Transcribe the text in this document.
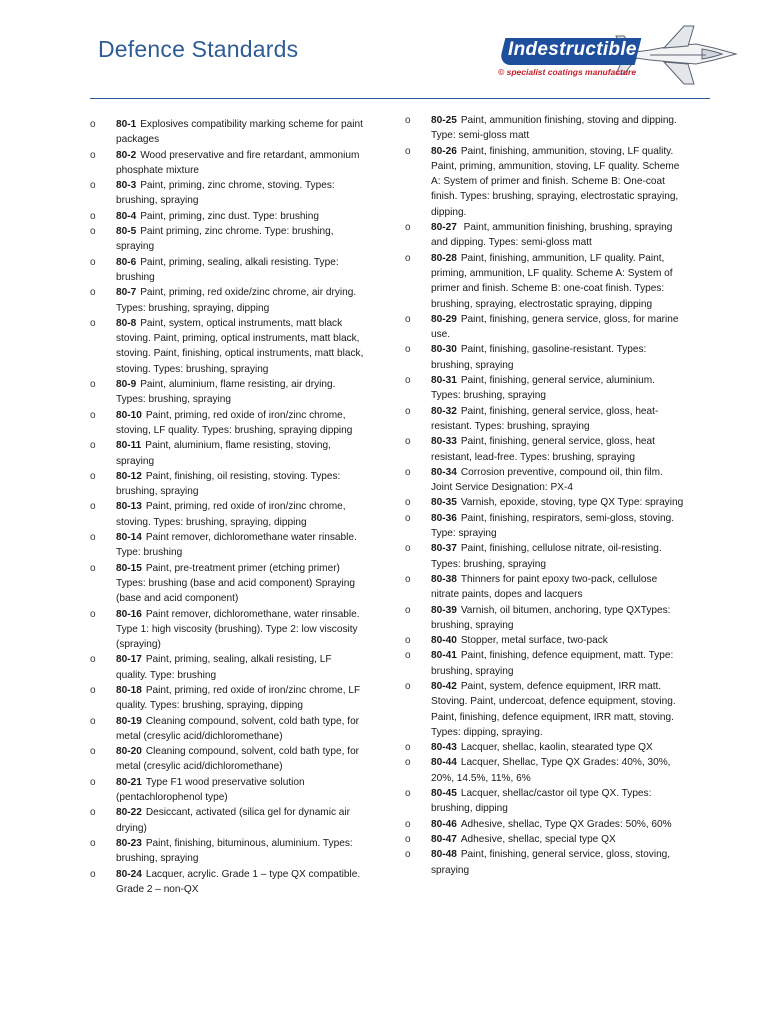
Defence Standards	Indestructible
© specialist coatings manufacture
o 80-1 Explosives compatibility marking scheme for paint packages
o 80-2 Wood preservative and fire retardant, ammonium phosphate mixture
o 80-3 Paint, priming, zinc chrome, stoving. Types: brushing, spraying
o 80-4 Paint, priming, zinc dust. Type: brushing
o 80-5 Paint priming, zinc chrome. Type: brushing, spraying
o 80-6 Paint, priming, sealing, alkali resisting. Type: brushing
o 80-7 Paint, priming, red oxide/zinc chrome, air drying. Types: brushing, spraying, dipping
o 80-8 Paint, system, optical instruments, matt black stoving. Paint, priming, optical instruments, matt black, stoving. Paint, finishing, optical instruments, matt black, stoving. Types: brushing, spraying
o 80-9 Paint, aluminium, flame resisting, air drying. Types: brushing, spraying
o 80-10 Paint, priming, red oxide of iron/zinc chrome, stoving, LF quality. Types: brushing, spraying dipping
o 80-11 Paint, aluminium, flame resisting, stoving, spraying
o 80-12 Paint, finishing, oil resisting, stoving. Types: brushing, spraying
o 80-13 Paint, priming, red oxide of iron/zinc chrome, stoving. Types: brushing, spraying, dipping
o 80-14 Paint remover, dichloromethane water rinsable. Type: brushing
o 80-15 Paint, pre-treatment primer (etching primer) Types: brushing (base and acid component) Spraying (base and acid component)
o 80-16 Paint remover, dichloromethane, water rinsable. Type 1: high viscosity (brushing). Type 2: low viscosity (spraying)
o 80-17 Paint, priming, sealing, alkali resisting, LF quality. Type: brushing
o 80-18 Paint, priming, red oxide of iron/zinc chrome, LF quality. Types: brushing, spraying, dipping
o 80-19 Cleaning compound, solvent, cold bath type, for metal (cresylic acid/dichloromethane)
o 80-20 Cleaning compound, solvent, cold bath type, for metal (cresylic acid/dichloromethane)
o 80-21 Type F1 wood preservative solution (pentachlorophenol type)
o 80-22 Desiccant, activated (silica gel for dynamic air drying)
o 80-23 Paint, finishing, bituminous, aluminium. Types: brushing, spraying
o 80-24 Lacquer, acrylic. Grade 1 – type QX compatible. Grade 2 – non-QX
o 80-25 Paint, ammunition finishing, stoving and dipping. Type: semi-gloss matt
o 80-26 Paint, finishing, ammunition, stoving, LF quality. Paint, priming, ammunition, stoving, LF quality. Scheme A: System of primer and finish. Scheme B: One-coat finish. Types: brushing, spraying, electrostatic spraying, dipping.
o 80-27 Paint, ammunition finishing, brushing, spraying and dipping. Types: semi-gloss matt
o 80-28 Paint, finishing, ammunition, LF quality. Paint, priming, ammunition, LF quality. Scheme A: System of primer and finish. Scheme B: one-coat finish. Types: brushing, spraying, electrostatic spraying, dipping
o 80-29 Paint, finishing, genera service, gloss, for marine use.
o 80-30 Paint, finishing, gasoline-resistant. Types: brushing, spraying
o 80-31 Paint, finishing, general service, aluminium. Types: brushing, spraying
o 80-32 Paint, finishing, general service, gloss, heat-resistant. Types: brushing, spraying
o 80-33 Paint, finishing, general service, gloss, heat resistant, lead-free. Types: brushing, spraying
o 80-34 Corrosion preventive, compound oil, thin film. Joint Service Designation: PX-4
o 80-35 Varnish, epoxide, stoving, type QX Type: spraying
o 80-36 Paint, finishing, respirators, semi-gloss, stoving. Type: spraying
o 80-37 Paint, finishing, cellulose nitrate, oil-resisting. Types: brushing, spraying
o 80-38 Thinners for paint epoxy two-pack, cellulose nitrate paints, dopes and lacquers
o 80-39 Varnish, oil bitumen, anchoring, type QXTypes: brushing, spraying
o 80-40 Stopper, metal surface, two-pack
o 80-41 Paint, finishing, defence equipment, matt. Type: brushing, spraying
o 80-42 Paint, system, defence equipment, IRR matt. Stoving. Paint, undercoat, defence equipment, stoving. Paint, finishing, defence equipment, IRR matt, stoving. Types: dipping, spraying.
o 80-43 Lacquer, shellac, kaolin, stearated type QX
o 80-44 Lacquer, Shellac, Type QX Grades: 40%, 30%, 20%, 14.5%, 11%, 6%
o 80-45 Lacquer, shellac/castor oil type QX. Types: brushing, dipping
o 80-46 Adhesive, shellac, Type QX Grades: 50%, 60%
o 80-47 Adhesive, shellac, special type QX
o 80-48 Paint, finishing, general service, gloss, stoving, spraying
